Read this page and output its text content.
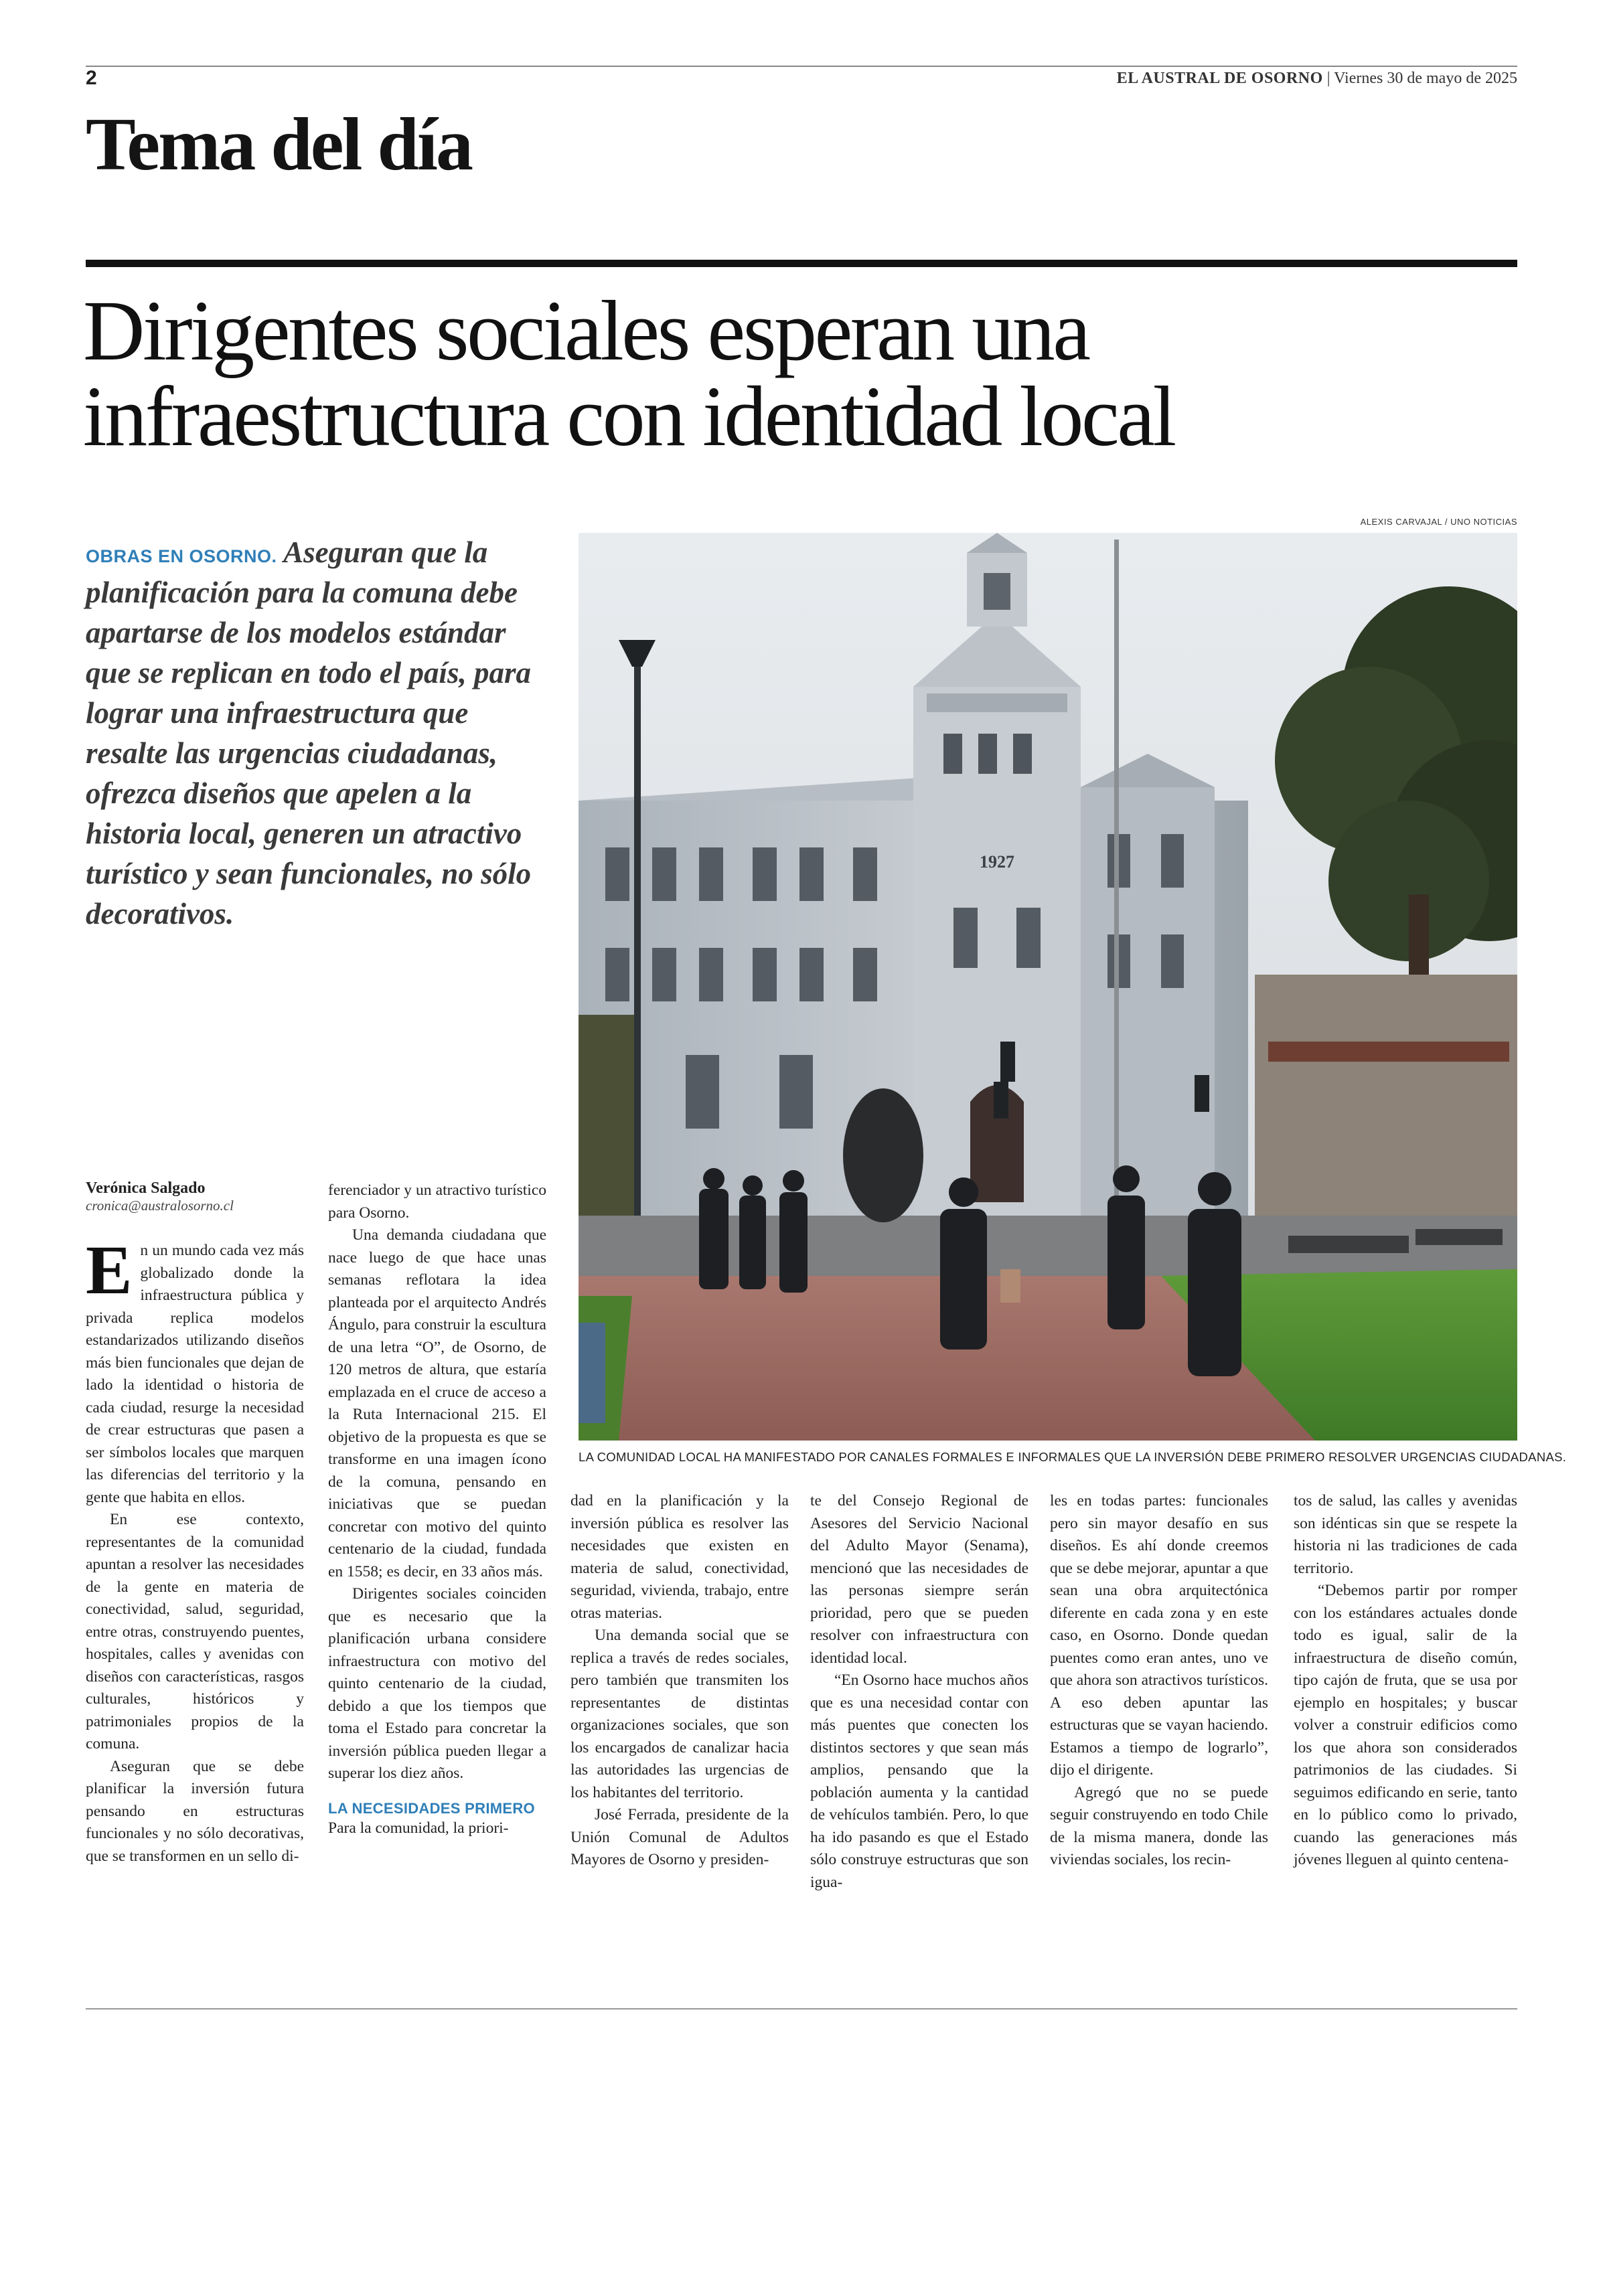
2	EL AUSTRAL DE OSORNO | Viernes 30 de mayo de 2025
Tema del día
Dirigentes sociales esperan una
infraestructura con identidad local
ALEXIS CARVAJAL / UNO NOTICIAS
OBRAS EN OSORNO. Aseguran que la planificación para la comuna debe apartarse de los modelos estándar que se replican en todo el país, para lograr una infraestructura que resalte las urgencias ciudadanas, ofrezca diseños que apelen a la historia local, generen un atractivo turístico y sean funcionales, no sólo decorativos.
1927
LA COMUNIDAD LOCAL HA MANIFESTADO POR CANALES FORMALES E INFORMALES QUE LA INVERSIÓN DEBE PRIMERO RESOLVER URGENCIAS CIUDADANAS.
Verónica Salgado
cronica@australosorno.cl

En un mundo cada vez más globalizado donde la infraestructura pública y privada replica modelos estandarizados utilizando diseños más bien funcionales que dejan de lado la identidad o historia de cada ciudad, resurge la necesidad de crear estructuras que pasen a ser símbolos locales que marquen las diferencias del territorio y la gente que habita en ellos.

En ese contexto, representantes de la comunidad apuntan a resolver las necesidades de la gente en materia de conectividad, salud, seguridad, entre otras, construyendo puentes, hospitales, calles y avenidas con diseños con características, rasgos culturales, históricos y patrimoniales propios de la comuna.

Aseguran que se debe planificar la inversión futura pensando en estructuras funcionales y no sólo decorativas, que se transformen en un sello di-

ferenciador y un atractivo turístico para Osorno.

Una demanda ciudadana que nace luego de que hace unas semanas reflotara la idea planteada por el arquitecto Andrés Ángulo, para construir la escultura de una letra “O”, de Osorno, de 120 metros de altura, que estaría emplazada en el cruce de acceso a la Ruta Internacional 215. El objetivo de la propuesta es que se transforme en una imagen ícono de la comuna, pensando en iniciativas que se puedan concretar con motivo del quinto centenario de la ciudad, fundada en 1558; es decir, en 33 años más.

Dirigentes sociales coinciden que es necesario que la planificación urbana considere infraestructura con motivo del quinto centenario de la ciudad, debido a que los tiempos que toma el Estado para concretar la inversión pública pueden llegar a superar los diez años.

LA NECESIDADES PRIMERO

Para la comunidad, la priori-

dad en la planificación y la inversión pública es resolver las necesidades que existen en materia de salud, conectividad, seguridad, vivienda, trabajo, entre otras materias.

Una demanda social que se replica a través de redes sociales, pero también que transmiten los representantes de distintas organizaciones sociales, que son los encargados de canalizar hacia las autoridades las urgencias de los habitantes del territorio.

José Ferrada, presidente de la Unión Comunal de Adultos Mayores de Osorno y presiden-

te del Consejo Regional de Asesores del Servicio Nacional del Adulto Mayor (Senama), mencionó que las necesidades de las personas siempre serán prioridad, pero que se pueden resolver con infraestructura con identidad local.

“En Osorno hace muchos años que es una necesidad contar con más puentes que conecten los distintos sectores y que sean más amplios, pensando que la población aumenta y la cantidad de vehículos también. Pero, lo que ha ido pasando es que el Estado sólo construye estructuras que son igua-

les en todas partes: funcionales pero sin mayor desafío en sus diseños. Es ahí donde creemos que se debe mejorar, apuntar a que sean una obra arquitectónica diferente en cada zona y en este caso, en Osorno. Donde quedan puentes como eran antes, uno ve que ahora son atractivos turísticos. A eso deben apuntar las estructuras que se vayan haciendo. Estamos a tiempo de lograrlo”, dijo el dirigente.

Agregó que no se puede seguir construyendo en todo Chile de la misma manera, donde las viviendas sociales, los recin-

tos de salud, las calles y avenidas son idénticas sin que se respete la historia ni las tradiciones de cada territorio.

“Debemos partir por romper con los estándares actuales donde todo es igual, salir de la infraestructura de diseño común, tipo cajón de fruta, que se usa por ejemplo en hospitales; y buscar volver a construir edificios como los que ahora son considerados patrimonios de las ciudades. Si seguimos edificando en serie, tanto en lo público como lo privado, cuando las generaciones más jóvenes lleguen al quinto centena-
